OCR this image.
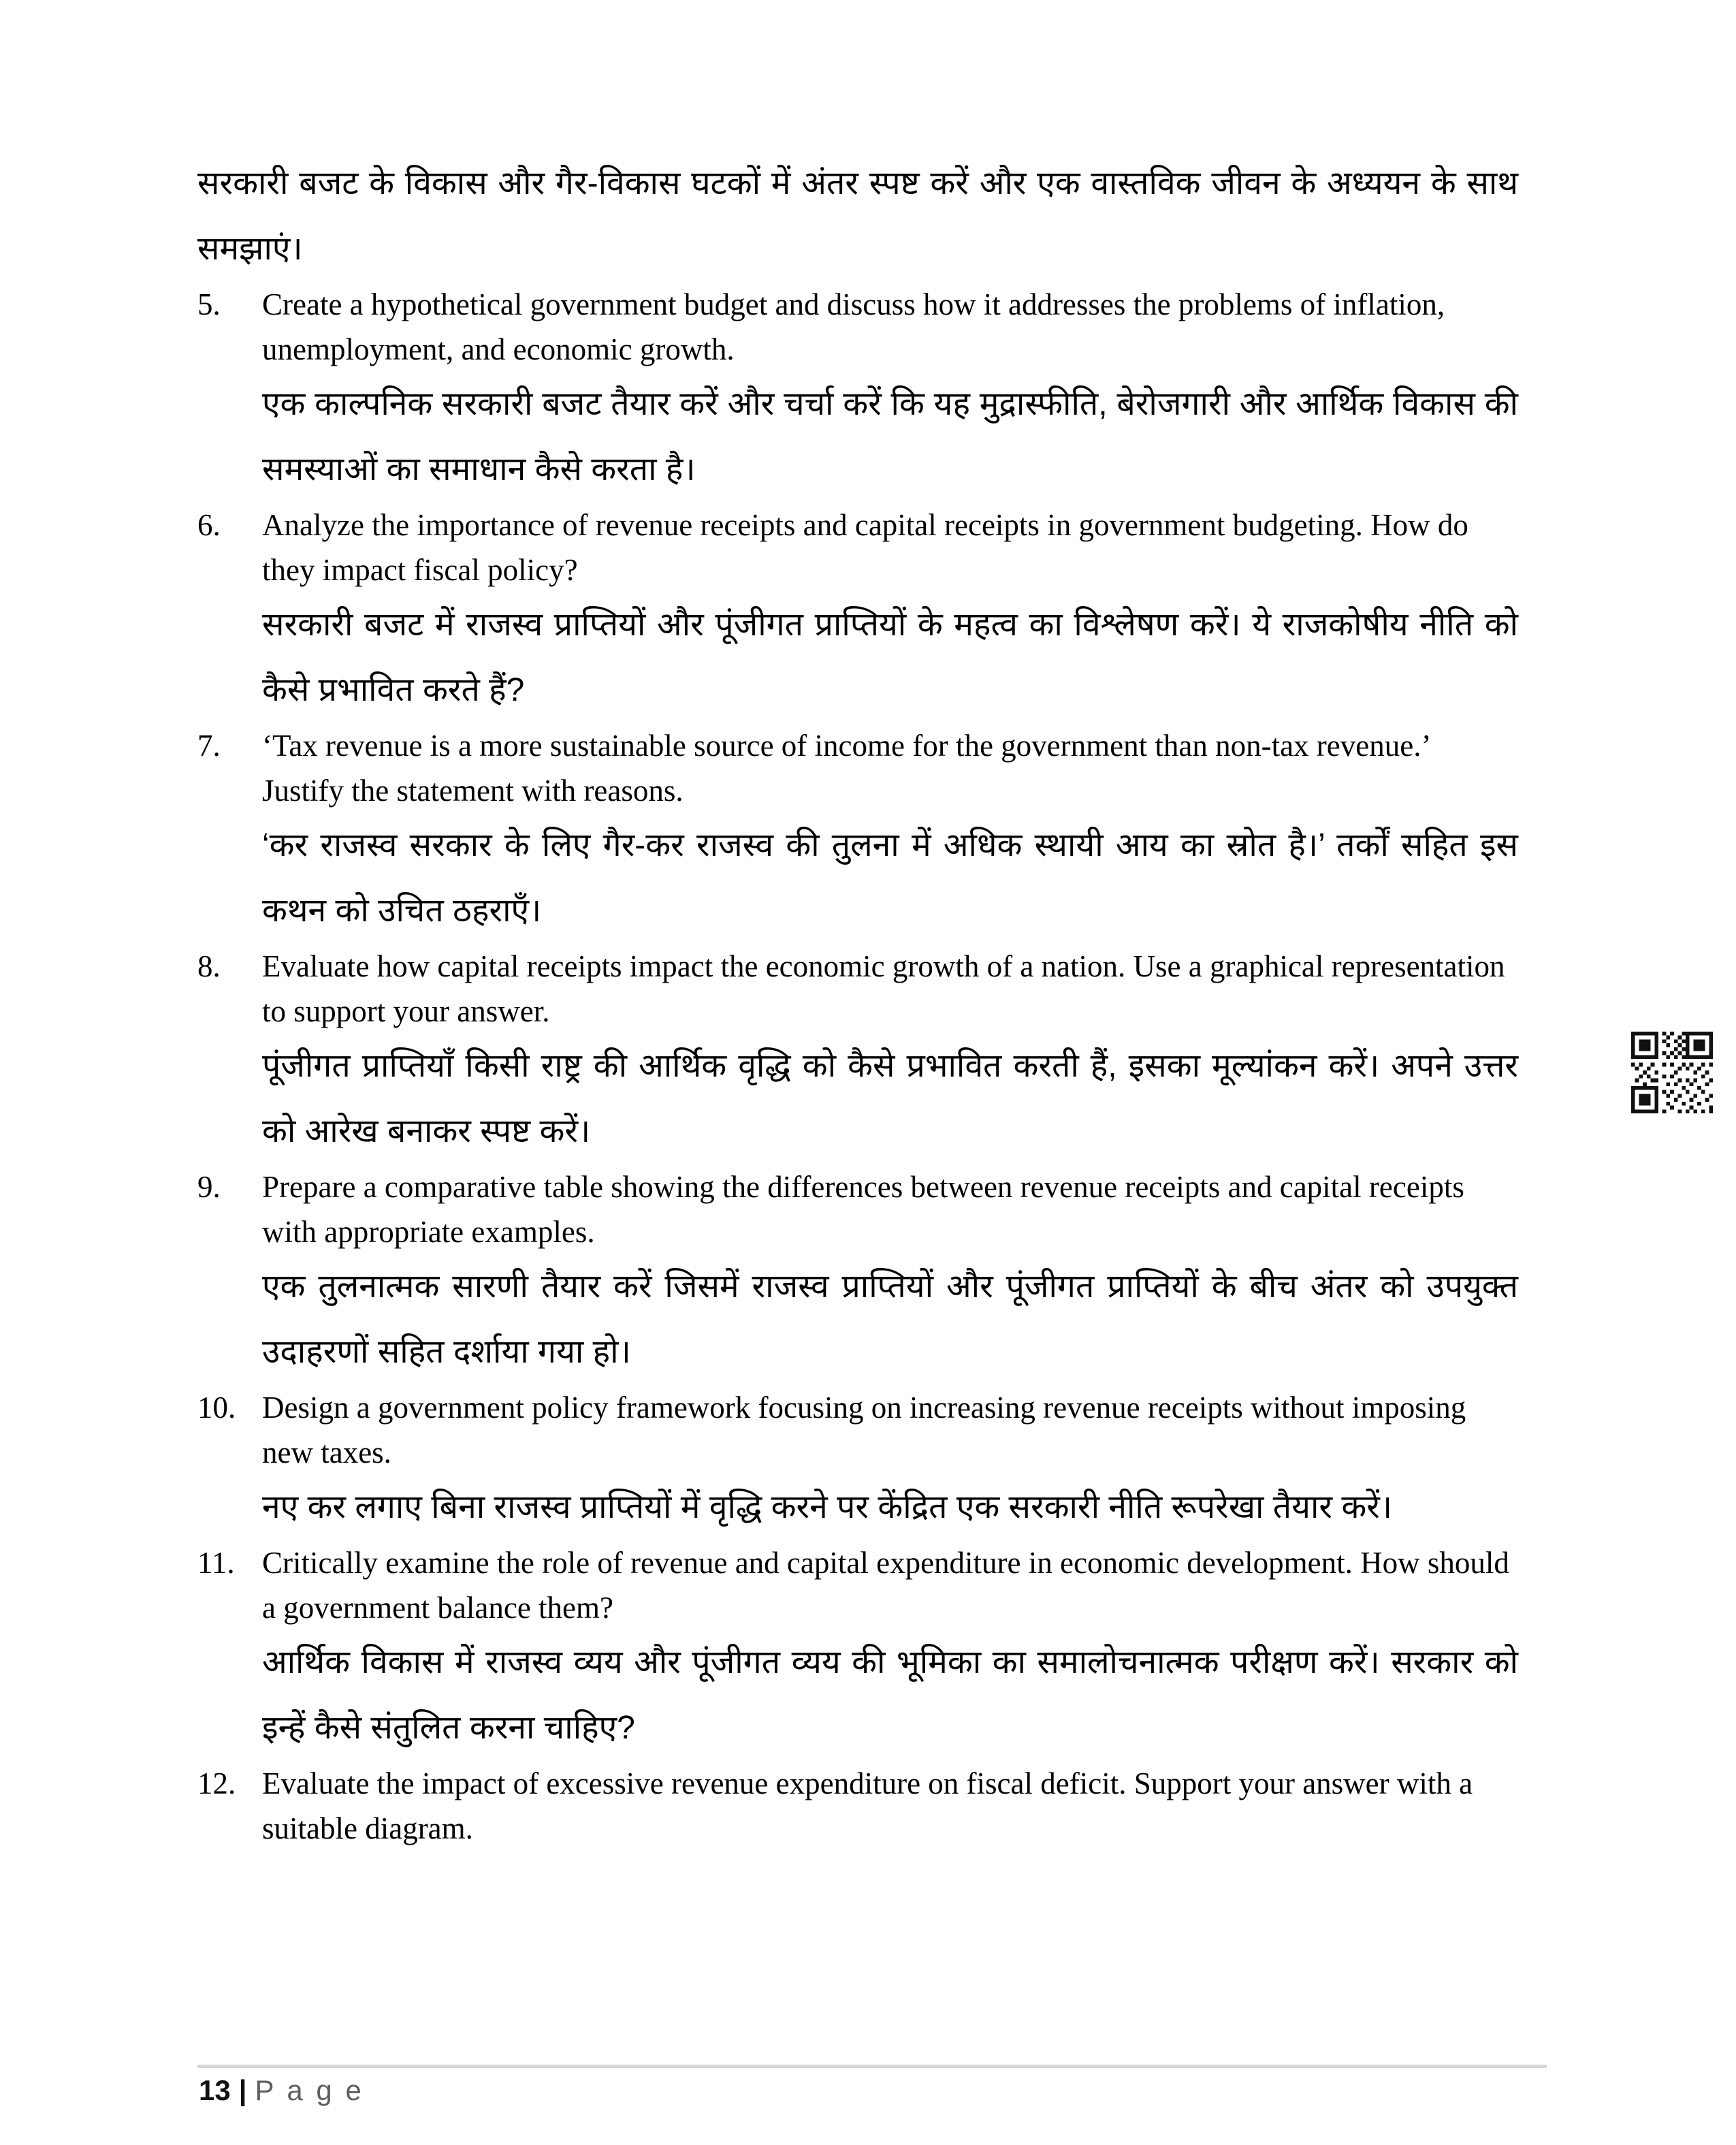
सरकारी बजट के विकास और गैर-विकास घटकों में अंतर स्पष्ट करें और एक वास्तविक जीवन के अध्ययन के साथ समझाएं।

5.	Create a hypothetical government budget and discuss how it addresses the problems of inflation, unemployment, and economic growth.

एक काल्पनिक सरकारी बजट तैयार करें और चर्चा करें कि यह मुद्रास्फीति, बेरोजगारी और आर्थिक विकास की समस्याओं का समाधान कैसे करता है।

6.	Analyze the importance of revenue receipts and capital receipts in government budgeting. How do they impact fiscal policy?

सरकारी बजट में राजस्व प्राप्तियों और पूंजीगत प्राप्तियों के महत्व का विश्लेषण करें। ये राजकोषीय नीति को कैसे प्रभावित करते हैं?

7.	‘Tax revenue is a more sustainable source of income for the government than non-tax revenue.’ Justify the statement with reasons.

‘कर राजस्व सरकार के लिए गैर-कर राजस्व की तुलना में अधिक स्थायी आय का स्रोत है।’ तर्कों सहित इस कथन को उचित ठहराएँ।

8.	Evaluate how capital receipts impact the economic growth of a nation. Use a graphical representation to support your answer.

पूंजीगत प्राप्तियाँ किसी राष्ट्र की आर्थिक वृद्धि को कैसे प्रभावित करती हैं, इसका मूल्यांकन करें। अपने उत्तर को आरेख बनाकर स्पष्ट करें।

9.	Prepare a comparative table showing the differences between revenue receipts and capital receipts with appropriate examples.

एक तुलनात्मक सारणी तैयार करें जिसमें राजस्व प्राप्तियों और पूंजीगत प्राप्तियों के बीच अंतर को उपयुक्त उदाहरणों सहित दर्शाया गया हो।

10. Design a government policy framework focusing on increasing revenue receipts without imposing new taxes.

नए कर लगाए बिना राजस्व प्राप्तियों में वृद्धि करने पर केंद्रित एक सरकारी नीति रूपरेखा तैयार करें।

11. Critically examine the role of revenue and capital expenditure in economic development. How should a government balance them?

आर्थिक विकास में राजस्व व्यय और पूंजीगत व्यय की भूमिका का समालोचनात्मक परीक्षण करें। सरकार को इन्हें कैसे संतुलित करना चाहिए?

12. Evaluate the impact of excessive revenue expenditure on fiscal deficit. Support your answer with a suitable diagram.

13 | P a g e
